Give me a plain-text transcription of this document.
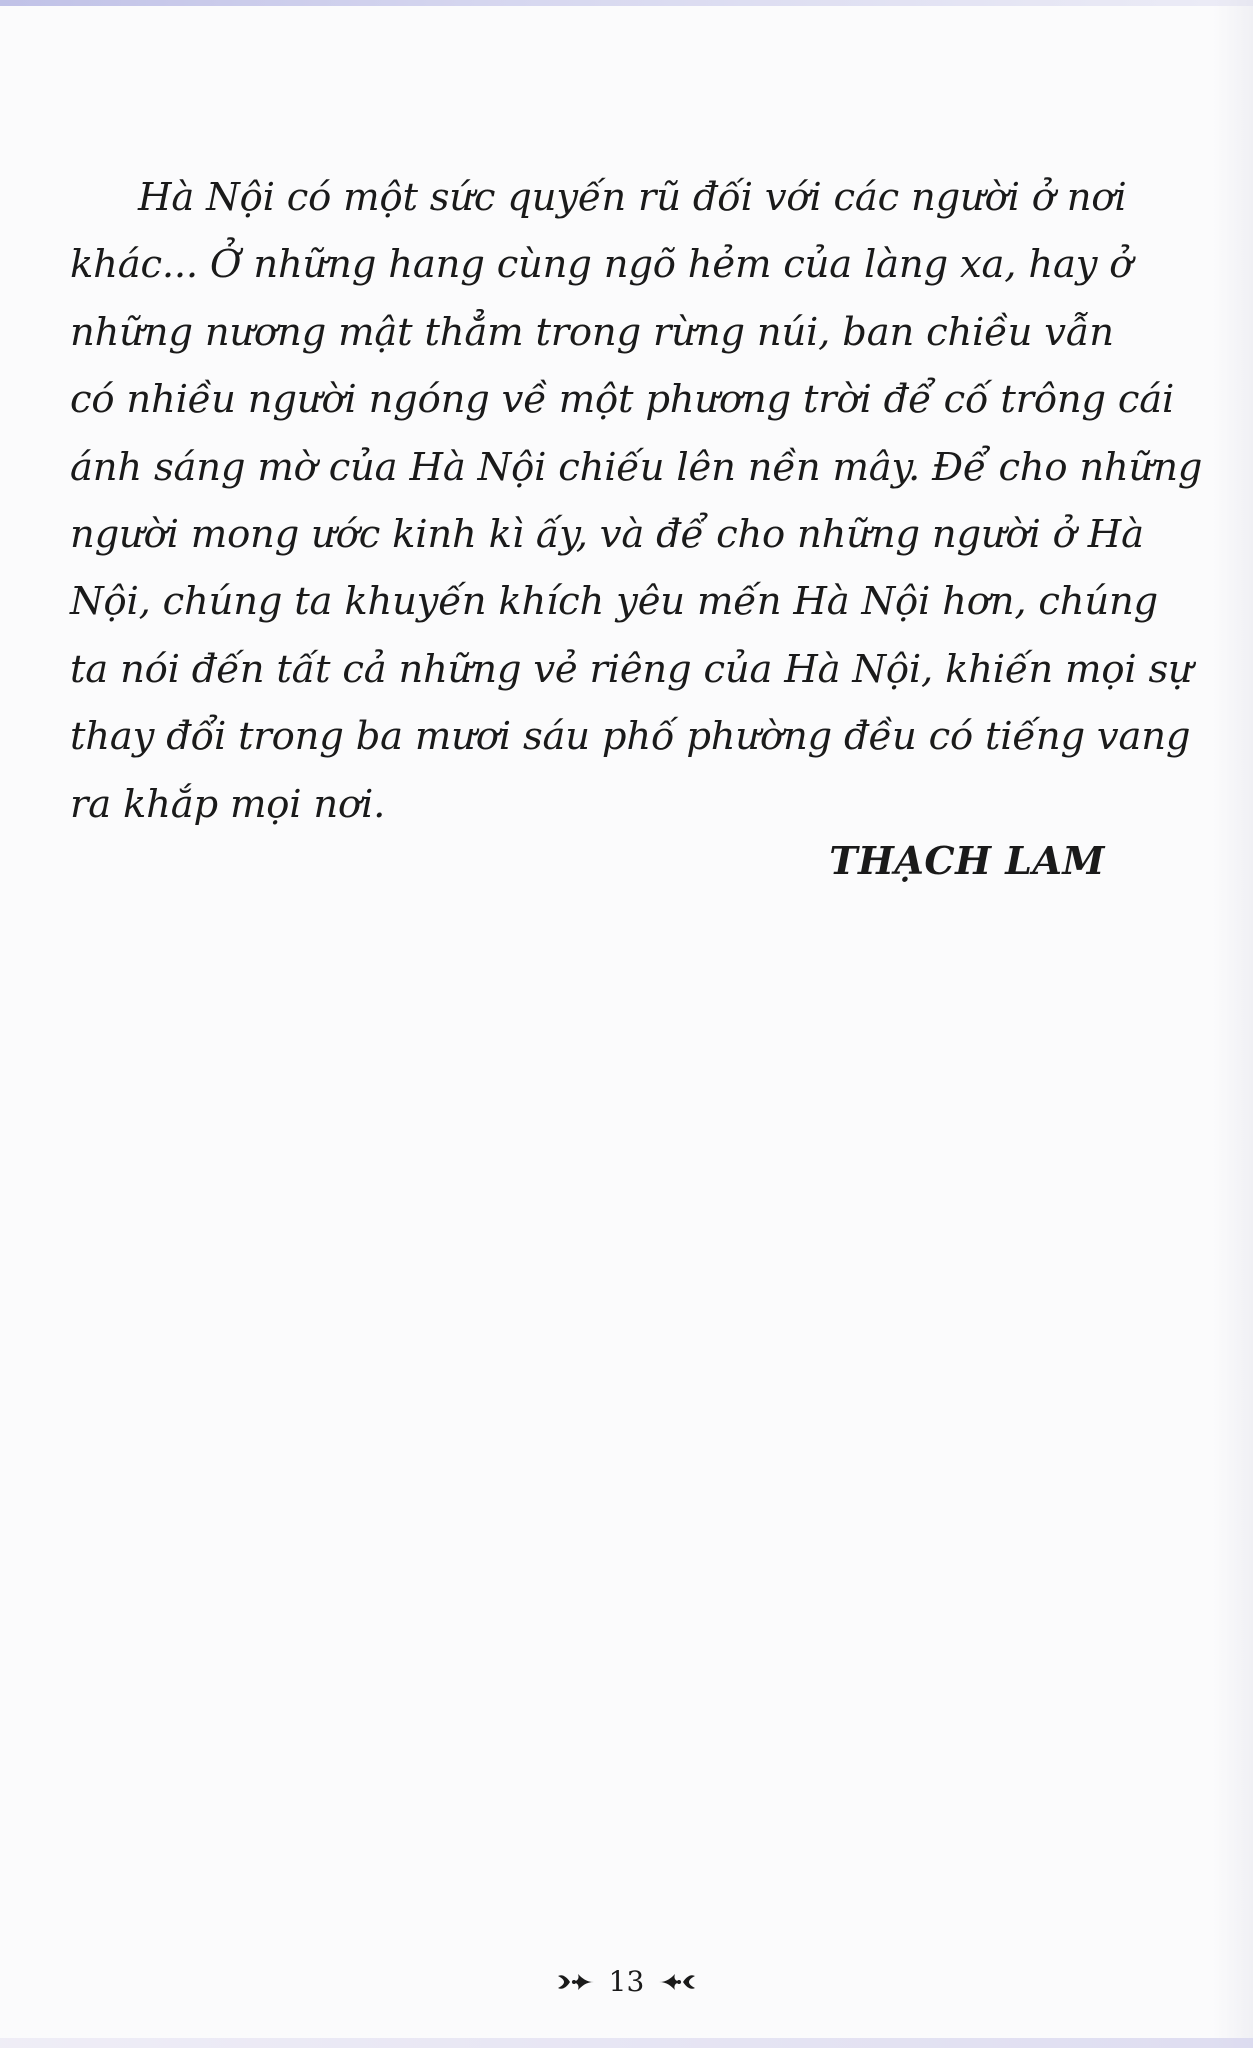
Hà Nội có một sức quyến rũ đối với các người ở nơi
khác... Ở những hang cùng ngõ hẻm của làng xa, hay ở
những nương mật thẳm trong rừng núi, ban chiều vẫn
có nhiều người ngóng về một phương trời để cố trông cái
ánh sáng mờ của Hà Nội chiếu lên nền mây. Để cho những
người mong ước kinh kì ấy, và để cho những người ở Hà
Nội, chúng ta khuyến khích yêu mến Hà Nội hơn, chúng
ta nói đến tất cả những vẻ riêng của Hà Nội, khiến mọi sự
thay đổi trong ba mươi sáu phố phường đều có tiếng vang
ra khắp mọi nơi.
THẠCH LAM
13
